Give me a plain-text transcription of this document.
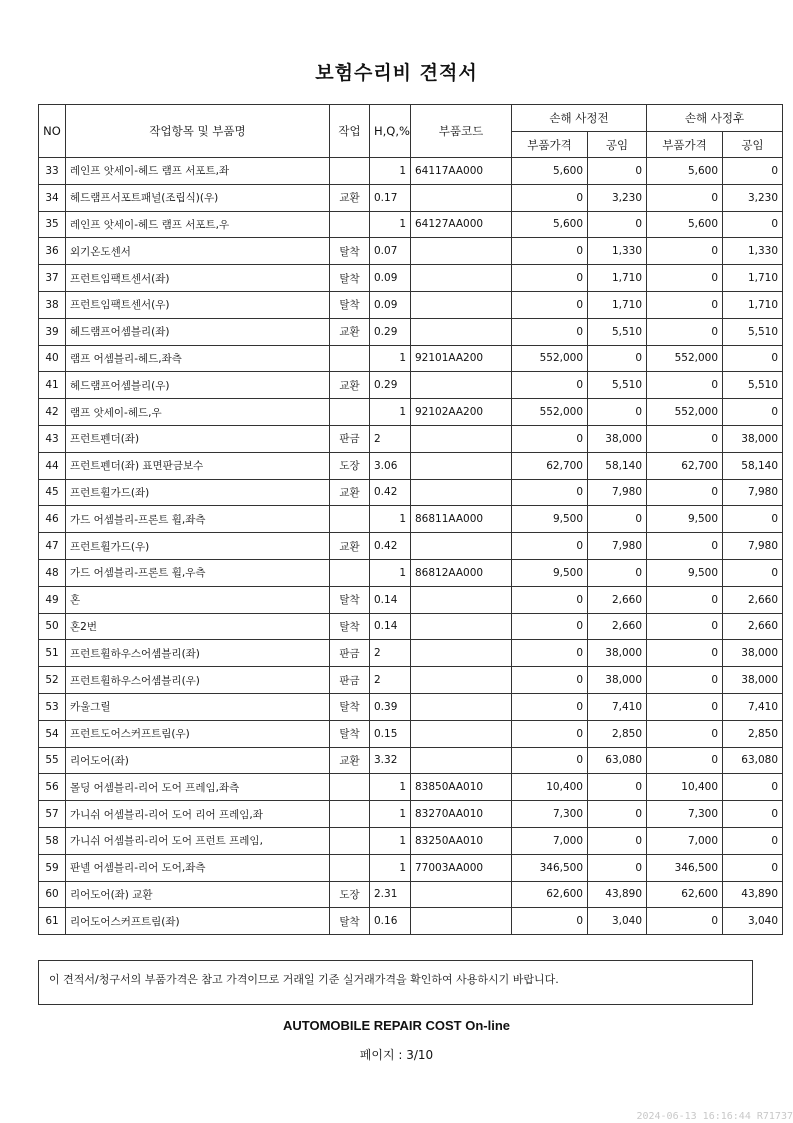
보험수리비 견적서
NO	작업항목 및 부품명	작업	H,Q,%	부품코드	손해 사정전		손해 사정후	
					부품가격	공임	부품가격	공임
33	레인프 앗세이-헤드 램프 서포트,좌		1	64117AA000	5,600	0	5,600	0
34	헤드램프서포트패널(조립식)(우)	교환	0.17		0	3,230	0	3,230
35	레인프 앗세이-헤드 램프 서포트,우		1	64127AA000	5,600	0	5,600	0
36	외기온도센서	탈착	0.07		0	1,330	0	1,330
37	프런트임팩트센서(좌)	탈착	0.09		0	1,710	0	1,710
38	프런트임팩트센서(우)	탈착	0.09		0	1,710	0	1,710
39	헤드램프어셈블리(좌)	교환	0.29		0	5,510	0	5,510
40	램프 어셈블리-헤드,좌측		1	92101AA200	552,000	0	552,000	0
41	헤드램프어셈블리(우)	교환	0.29		0	5,510	0	5,510
42	램프 앗세이-헤드,우		1	92102AA200	552,000	0	552,000	0
43	프런트펜더(좌)	판금	2		0	38,000	0	38,000
44	프런트펜더(좌) 표면판금보수	도장	3.06		62,700	58,140	62,700	58,140
45	프런트휠가드(좌)	교환	0.42		0	7,980	0	7,980
46	가드 어셈블리-프론트 휠,좌측		1	86811AA000	9,500	0	9,500	0
47	프런트휠가드(우)	교환	0.42		0	7,980	0	7,980
48	가드 어셈블리-프론트 휠,우측		1	86812AA000	9,500	0	9,500	0
49	혼	탈착	0.14		0	2,660	0	2,660
50	혼2번	탈착	0.14		0	2,660	0	2,660
51	프런트휠하우스어셈블리(좌)	판금	2		0	38,000	0	38,000
52	프런트휠하우스어셈블리(우)	판금	2		0	38,000	0	38,000
53	카울그릴	탈착	0.39		0	7,410	0	7,410
54	프런트도어스커프트림(우)	탈착	0.15		0	2,850	0	2,850
55	리어도어(좌)	교환	3.32		0	63,080	0	63,080
56	몰딩 어셈블리-리어 도어 프레임,좌측		1	83850AA010	10,400	0	10,400	0
57	가니쉬 어셈블리-리어 도어 리어 프레임,좌		1	83270AA010	7,300	0	7,300	0
58	가니쉬 어셈블리-리어 도어 프런트 프레임,		1	83250AA010	7,000	0	7,000	0
59	판넬 어셈블리-리어 도어,좌측		1	77003AA000	346,500	0	346,500	0
60	리어도어(좌) 교환	도장	2.31		62,600	43,890	62,600	43,890
61	리어도어스커프트림(좌)	탈착	0.16		0	3,040	0	3,040
이 견적서/청구서의 부품가격은 참고 가격이므로 거래일 기준 실거래가격을 확인하여 사용하시기 바랍니다.
AUTOMOBILE REPAIR COST On-line
페이지 : 3/10
2024-06-13 16:16:44 R71737
